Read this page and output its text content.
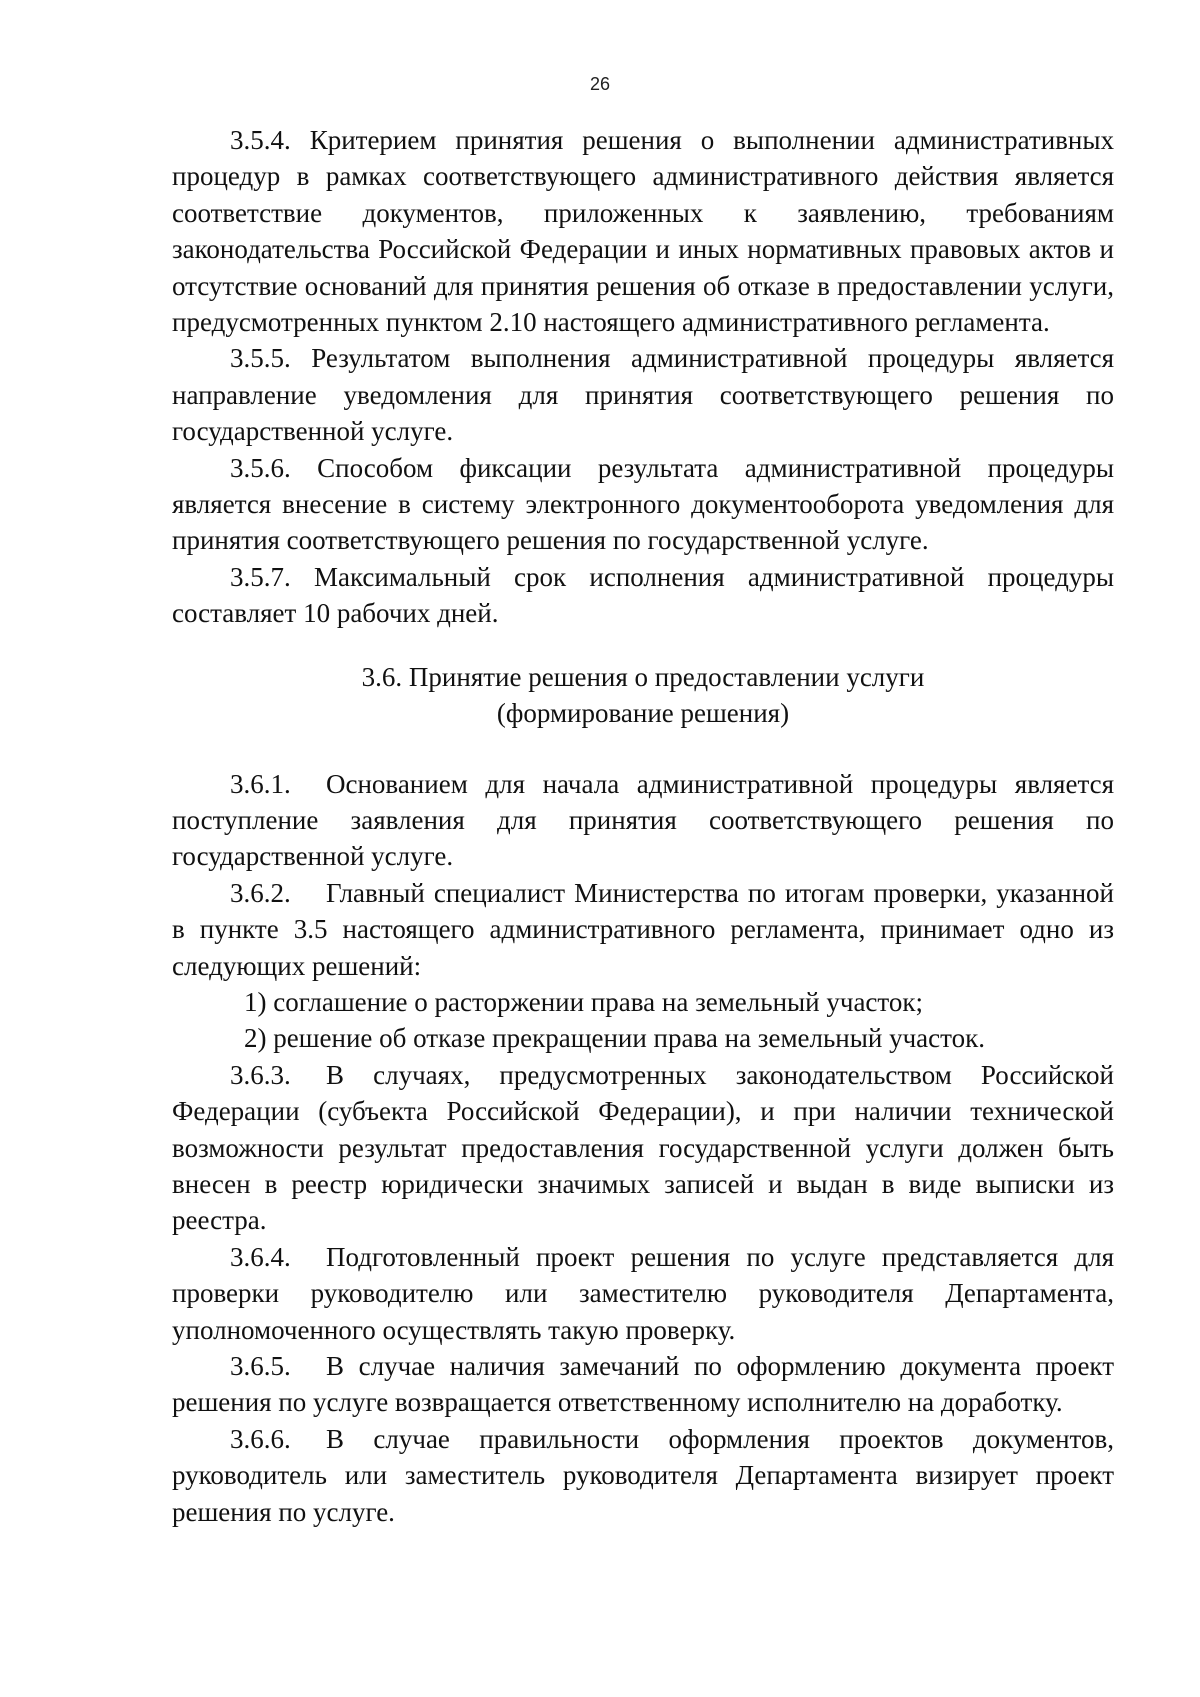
26

3.5.4. Критерием принятия решения о выполнении административных процедур в рамках соответствующего административного действия является соответствие документов, приложенных к заявлению, требованиям законодательства Российской Федерации и иных нормативных правовых актов и отсутствие оснований для принятия решения об отказе в предоставлении услуги, предусмотренных пунктом 2.10 настоящего административного регламента.

3.5.5. Результатом выполнения административной процедуры является направление уведомления для принятия соответствующего решения по государственной услуге.

3.5.6. Способом фиксации результата административной процедуры является внесение в систему электронного документооборота уведомления для принятия соответствующего решения по государственной услуге.

3.5.7. Максимальный срок исполнения административной процедуры составляет 10 рабочих дней.

3.6. Принятие решения о предоставлении услуги
(формирование решения)

3.6.1. Основанием для начала административной процедуры является поступление заявления для принятия соответствующего решения по государственной услуге.

3.6.2. Главный специалист Министерства по итогам проверки, указанной в пункте 3.5 настоящего административного регламента, принимает одно из следующих решений:

1) соглашение о расторжении права на земельный участок;

2) решение об отказе прекращении права на земельный участок.

3.6.3. В случаях, предусмотренных законодательством Российской Федерации (субъекта Российской Федерации), и при наличии технической возможности результат предоставления государственной услуги должен быть внесен в реестр юридически значимых записей и выдан в виде выписки из реестра.

3.6.4. Подготовленный проект решения по услуге представляется для проверки руководителю или заместителю руководителя Департамента, уполномоченного осуществлять такую проверку.

3.6.5. В случае наличия замечаний по оформлению документа проект решения по услуге возвращается ответственному исполнителю на доработку.

3.6.6. В случае правильности оформления проектов документов, руководитель или заместитель руководителя Департамента визирует проект решения по услуге.
